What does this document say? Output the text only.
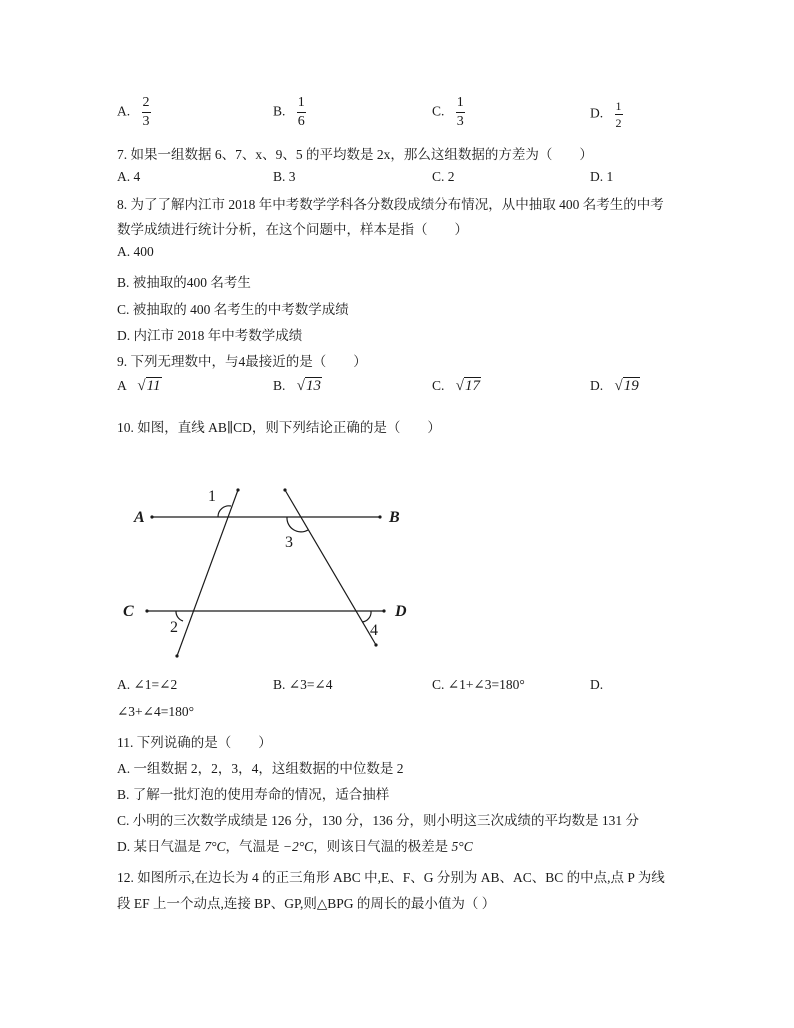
A. $\frac{2}{3}$	B. $\frac{1}{6}$	C. $\frac{1}{3}$	D. $\frac{1}{2}$
7. 如果一组数据 6、7、x、9、5 的平均数是 2x，那么这组数据的方差为（　　）
A. 4	B. 3	C. 2	D. 1
8. 为了了解内江市 2018 年中考数学学科各分数段成绩分布情况，从中抽取 400 名考生的中考
数学成绩进行统计分析，在这个问题中，样本是指（　　）
A. 400
B. 被抽取的400 名考生
C. 被抽取的 400 名考生的中考数学成绩
D. 内江市 2018 年中考数学成绩
9. 下列无理数中，与4最接近的是（　　）
A √11	B. √13	C. √17	D. √19
10. 如图，直线 AB∥CD，则下列结论正确的是（　　）
A	B
C	D
1
2
3
4
A. ∠1=∠2	B. ∠3=∠4	C. ∠1+∠3=180°	D.
∠3+∠4=180°
11. 下列说确的是（　　）
A. 一组数据 2，2，3，4，这组数据的中位数是 2
B. 了解一批灯泡的使用寿命的情况，适合抽样
C. 小明的三次数学成绩是 126 分，130 分，136 分，则小明这三次成绩的平均数是 131 分
D. 某日气温是 7°C，气温是 −2°C，则该日气温的极差是 5°C
12. 如图所示,在边长为 4 的正三角形 ABC 中,E、F、G 分别为 AB、AC、BC 的中点,点 P 为线
段 EF 上一个动点,连接 BP、GP,则△BPG 的周长的最小值为（ ）
